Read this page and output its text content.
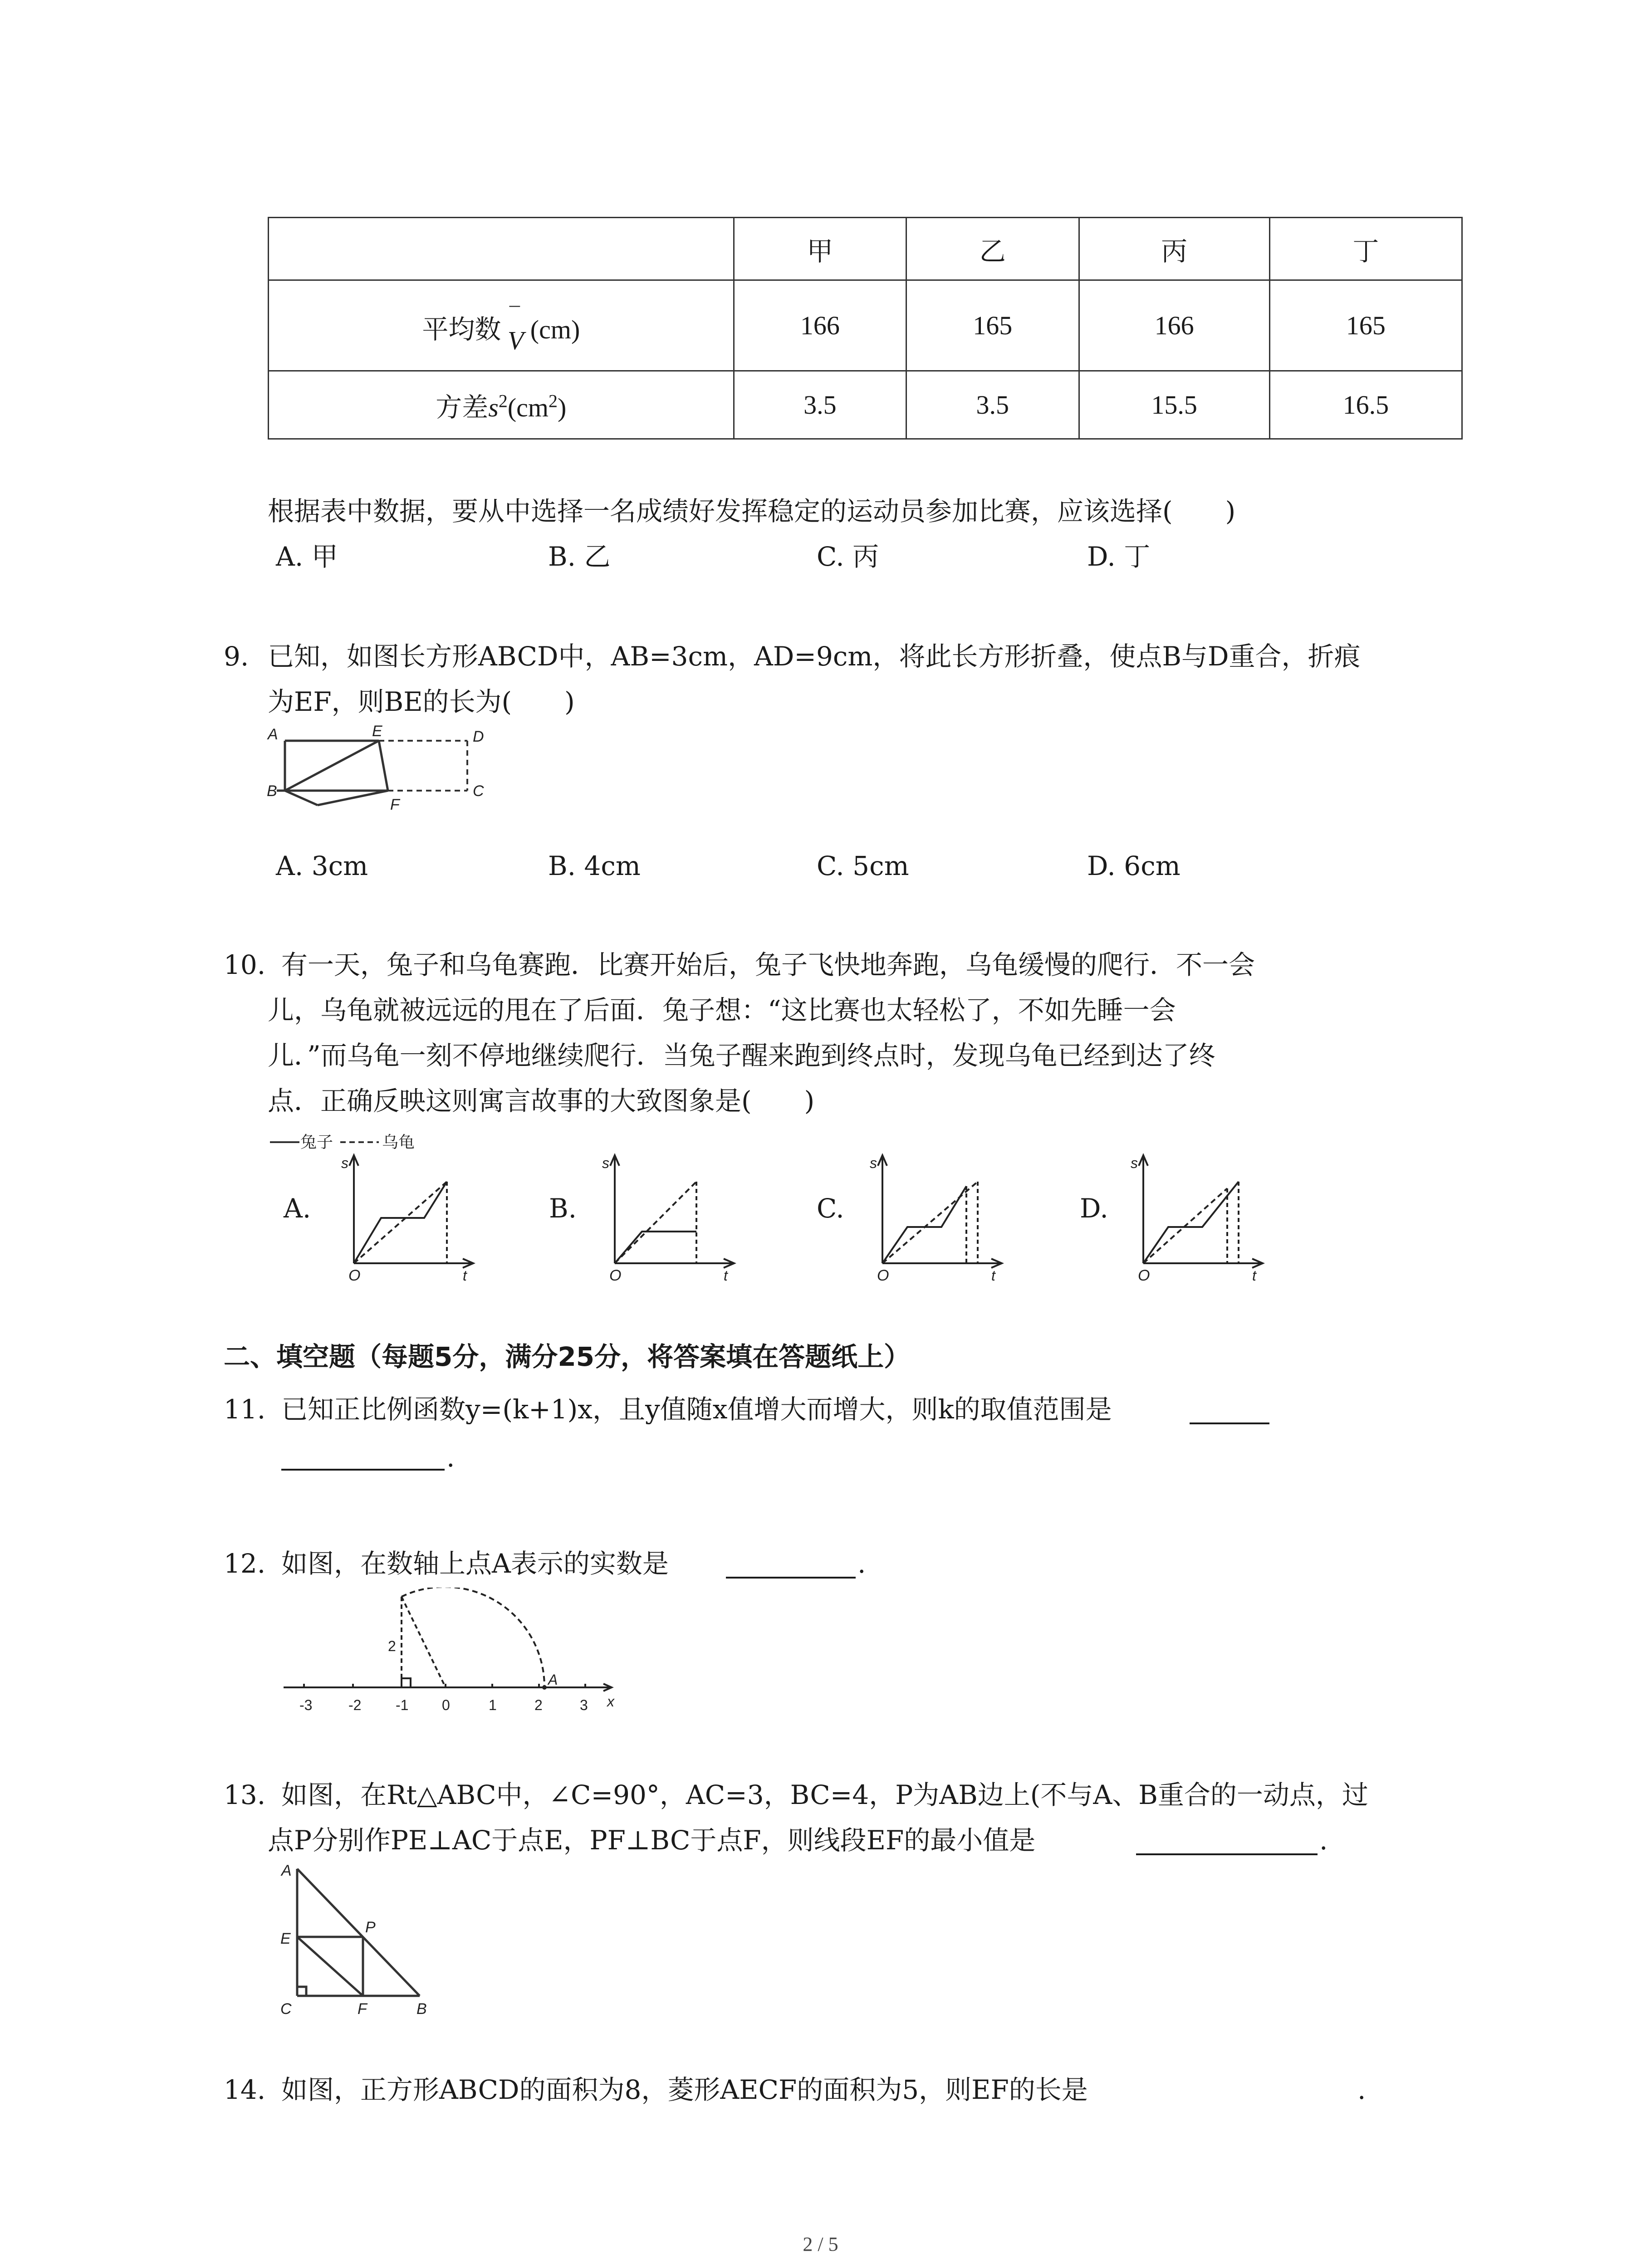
	甲	乙	丙	丁
平均数
¯
V (cm)	166	165	166	165
方差$s^2(cm^2)$	3.5	3.5	15.5	16.5
根据表中数据，要从中选择一名成绩好发挥稳定的运动员参加比赛，应该选择(　　)
A. 甲	B. 乙	C. 丙	D. 丁
9. 已知，如图长方形ABCD中，AB=3cm，AD=9cm，将此长方形折叠，使点B与D重合，折痕
为EF，则BE的长为(　　)
A	E	D
B
F
C
A. 3cm	B. 4cm	C. 5cm	D. 6cm
10. 有一天，兔子和乌龟赛跑．比赛开始后，兔子飞快地奔跑，乌龟缓慢的爬行．不一会
儿，乌龟就被远远的甩在了后面．兔子想：“这比赛也太轻松了，不如先睡一会
儿．”而乌龟一刻不停地继续爬行．当兔子醒来跑到终点时，发现乌龟已经到达了终
点．正确反映这则寓言故事的大致图象是(　　)
兔子	乌龟
A.	B.	C.	D.
s
t
O
s
t
O
s
t
O
s
t
O
二、填空题（每题5分，满分25分，将答案填在答题纸上）
11. 已知正比例函数y=(k+1)x，且y值随x值增大而增大，则k的取值范围是
.
12. 如图，在数轴上点A表示的实数是	.
-3 -2 -1 0	1	2	3 x
A
2
13. 如图，在Rt△ABC中，∠C=90°，AC=3，BC=4，P为AB边上(不与A、B重合的一动点，过
点P分别作PE⊥AC于点E，PF⊥BC于点F，则线段EF的最小值是	.
A
E
P
C	F	B
14. 如图，正方形ABCD的面积为8，菱形AECF的面积为5，则EF的长是	.
2 / 5
